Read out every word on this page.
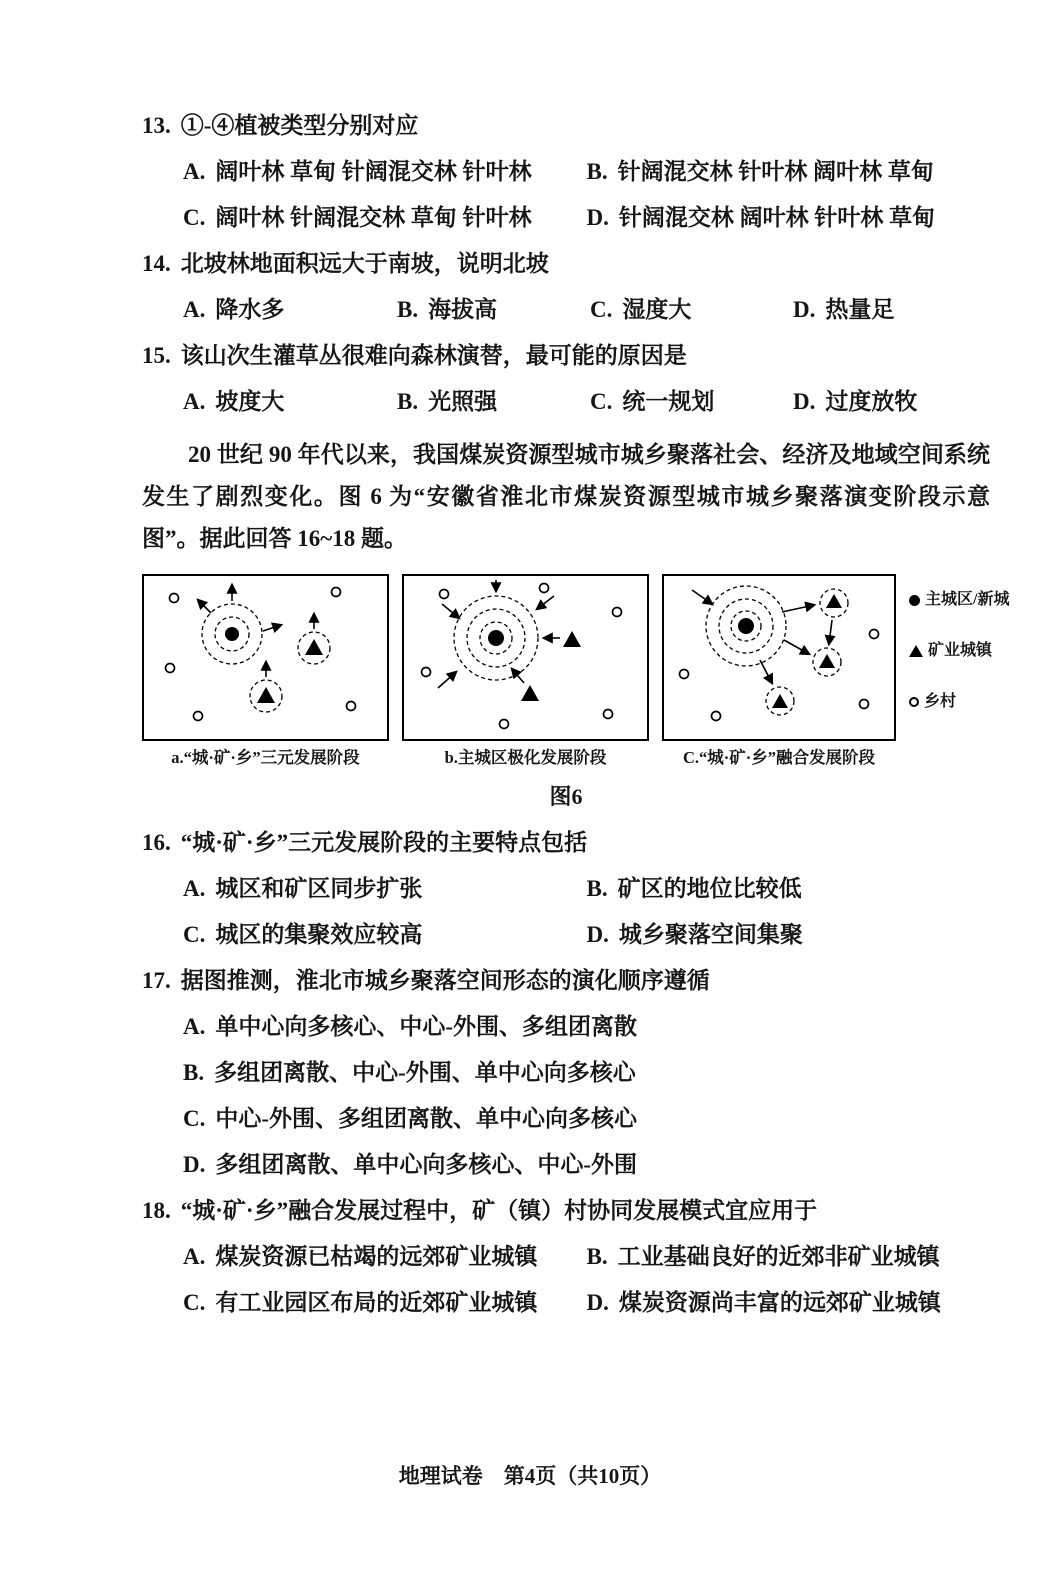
13. ①-④植被类型分别对应
A. 阔叶林 草甸 针阔混交林 针叶林	B. 针阔混交林 针叶林 阔叶林 草甸
C. 阔叶林 针阔混交林 草甸 针叶林	D. 针阔混交林 阔叶林 针叶林 草甸
14. 北坡林地面积远大于南坡，说明北坡
A. 降水多	B. 海拔高	C. 湿度大	D. 热量足
15. 该山次生灌草丛很难向森林演替，最可能的原因是
A. 坡度大	B. 光照强	C. 统一规划	D. 过度放牧

20 世纪 90 年代以来，我国煤炭资源型城市城乡聚落社会、经济及地域空间系统发生了剧烈变化。图 6 为“安徽省淮北市煤炭资源型城市城乡聚落演变阶段示意图”。据此回答 16~18 题。

a.“城·矿·乡”三元发展阶段	b.主城区极化发展阶段	C.“城·矿·乡”融合发展阶段
主城区/新城
矿业城镇
乡村
图6
16. “城·矿·乡”三元发展阶段的主要特点包括
A. 城区和矿区同步扩张	B. 矿区的地位比较低
C. 城区的集聚效应较高	D. 城乡聚落空间集聚
17. 据图推测，淮北市城乡聚落空间形态的演化顺序遵循
A. 单中心向多核心、中心-外围、多组团离散
B. 多组团离散、中心-外围、单中心向多核心
C. 中心-外围、多组团离散、单中心向多核心
D. 多组团离散、单中心向多核心、中心-外围
18. “城·矿·乡”融合发展过程中，矿（镇）村协同发展模式宜应用于
A. 煤炭资源已枯竭的远郊矿业城镇	B. 工业基础良好的近郊非矿业城镇
C. 有工业园区布局的近郊矿业城镇	D. 煤炭资源尚丰富的远郊矿业城镇
地理试卷　第4页（共10页）
